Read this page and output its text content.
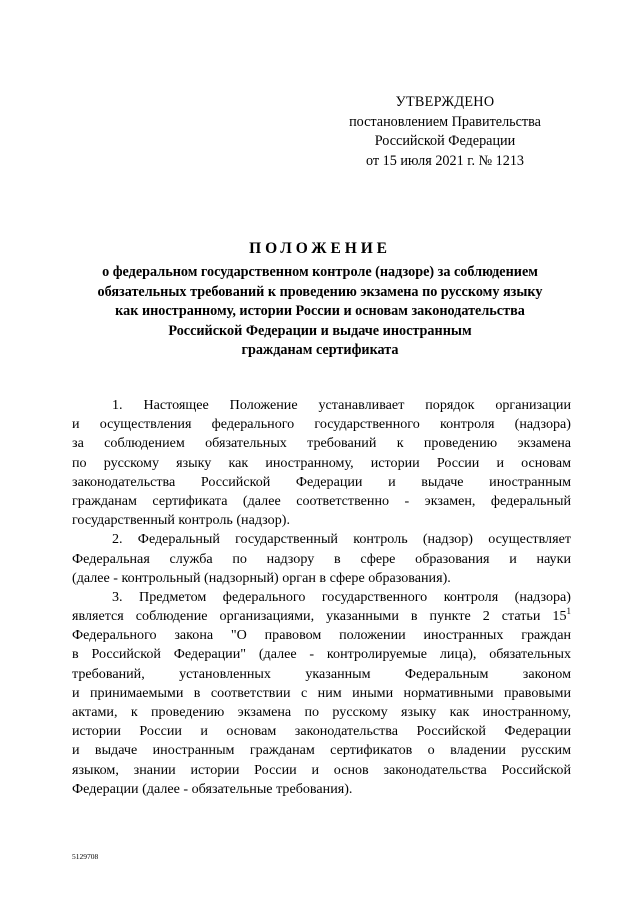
УТВЕРЖДЕНО
постановлением Правительства
Российской Федерации
от 15 июля 2021 г. № 1213
ПОЛОЖЕНИЕ
о федеральном государственном контроле (надзоре) за соблюдением
обязательных требований к проведению экзамена по русскому языку
как иностранному, истории России и основам законодательства
Российской Федерации и выдаче иностранным
гражданам сертификата
1. Настоящее Положение устанавливает порядок организации
и осуществления федерального государственного контроля (надзора)
за соблюдением обязательных требований к проведению экзамена
по русскому языку как иностранному, истории России и основам
законодательства Российской Федерации и выдаче иностранным
гражданам сертификата (далее соответственно - экзамен, федеральный
государственный контроль (надзор).
2. Федеральный государственный контроль (надзор) осуществляет
Федеральная служба по надзору в сфере образования и науки
(далее - контрольный (надзорный) орган в сфере образования).
3. Предметом федерального государственного контроля (надзора)
является соблюдение организациями, указанными в пункте 2 статьи $15^1$
Федерального закона "О правовом положении иностранных граждан
в Российской Федерации" (далее - контролируемые лица), обязательных
требований, установленных указанным Федеральным законом
и принимаемыми в соответствии с ним иными нормативными правовыми
актами, к проведению экзамена по русскому языку как иностранному,
истории России и основам законодательства Российской Федерации
и выдаче иностранным гражданам сертификатов о владении русским
языком, знании истории России и основ законодательства Российской
Федерации (далее - обязательные требования).
5129708
